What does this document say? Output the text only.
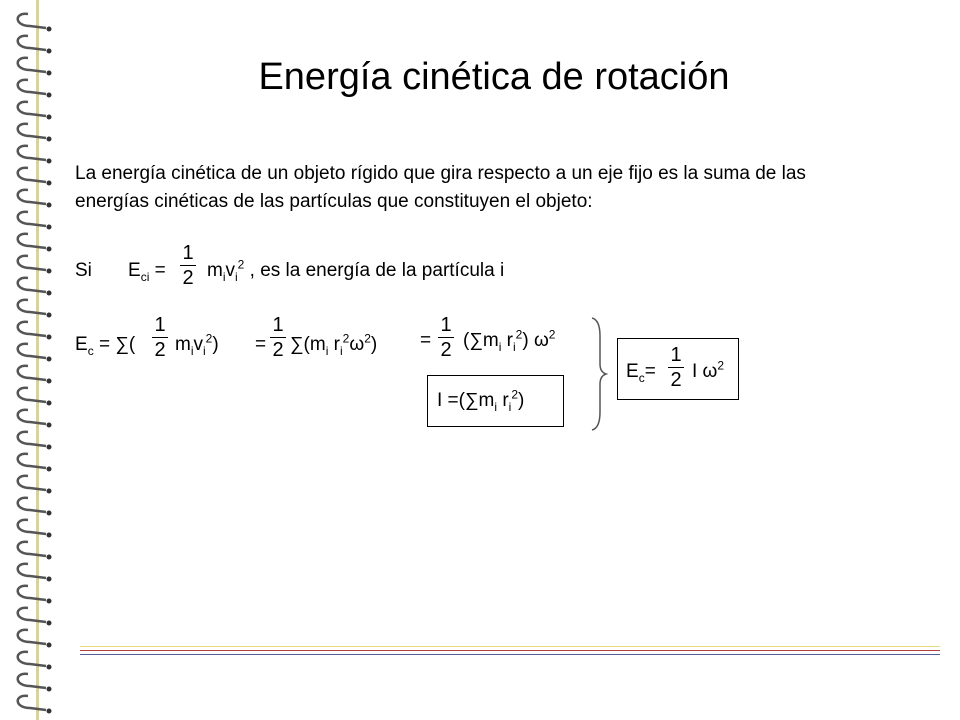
Energía cinética de rotación
La energía cinética de un objeto rígido que gira respecto a un eje fijo es la suma de las energías cinéticas de las partículas que constituyen el objeto:
Si $E_{ci}$ =
1
2 $m_iv_i^2$ , es la energía de la partícula i
$E_c$ = ∑(
1
2 $m_iv_i^2$) =
1
2 $\sum(m_i$ $r_i^2\omega^2$) =
1
2 ($\sum m_i$ $r_i^2$) $\omega^2$
$I =(\sum m_i$ $r_i^2$)
$E_c=$
1
2 I $\omega^2$
